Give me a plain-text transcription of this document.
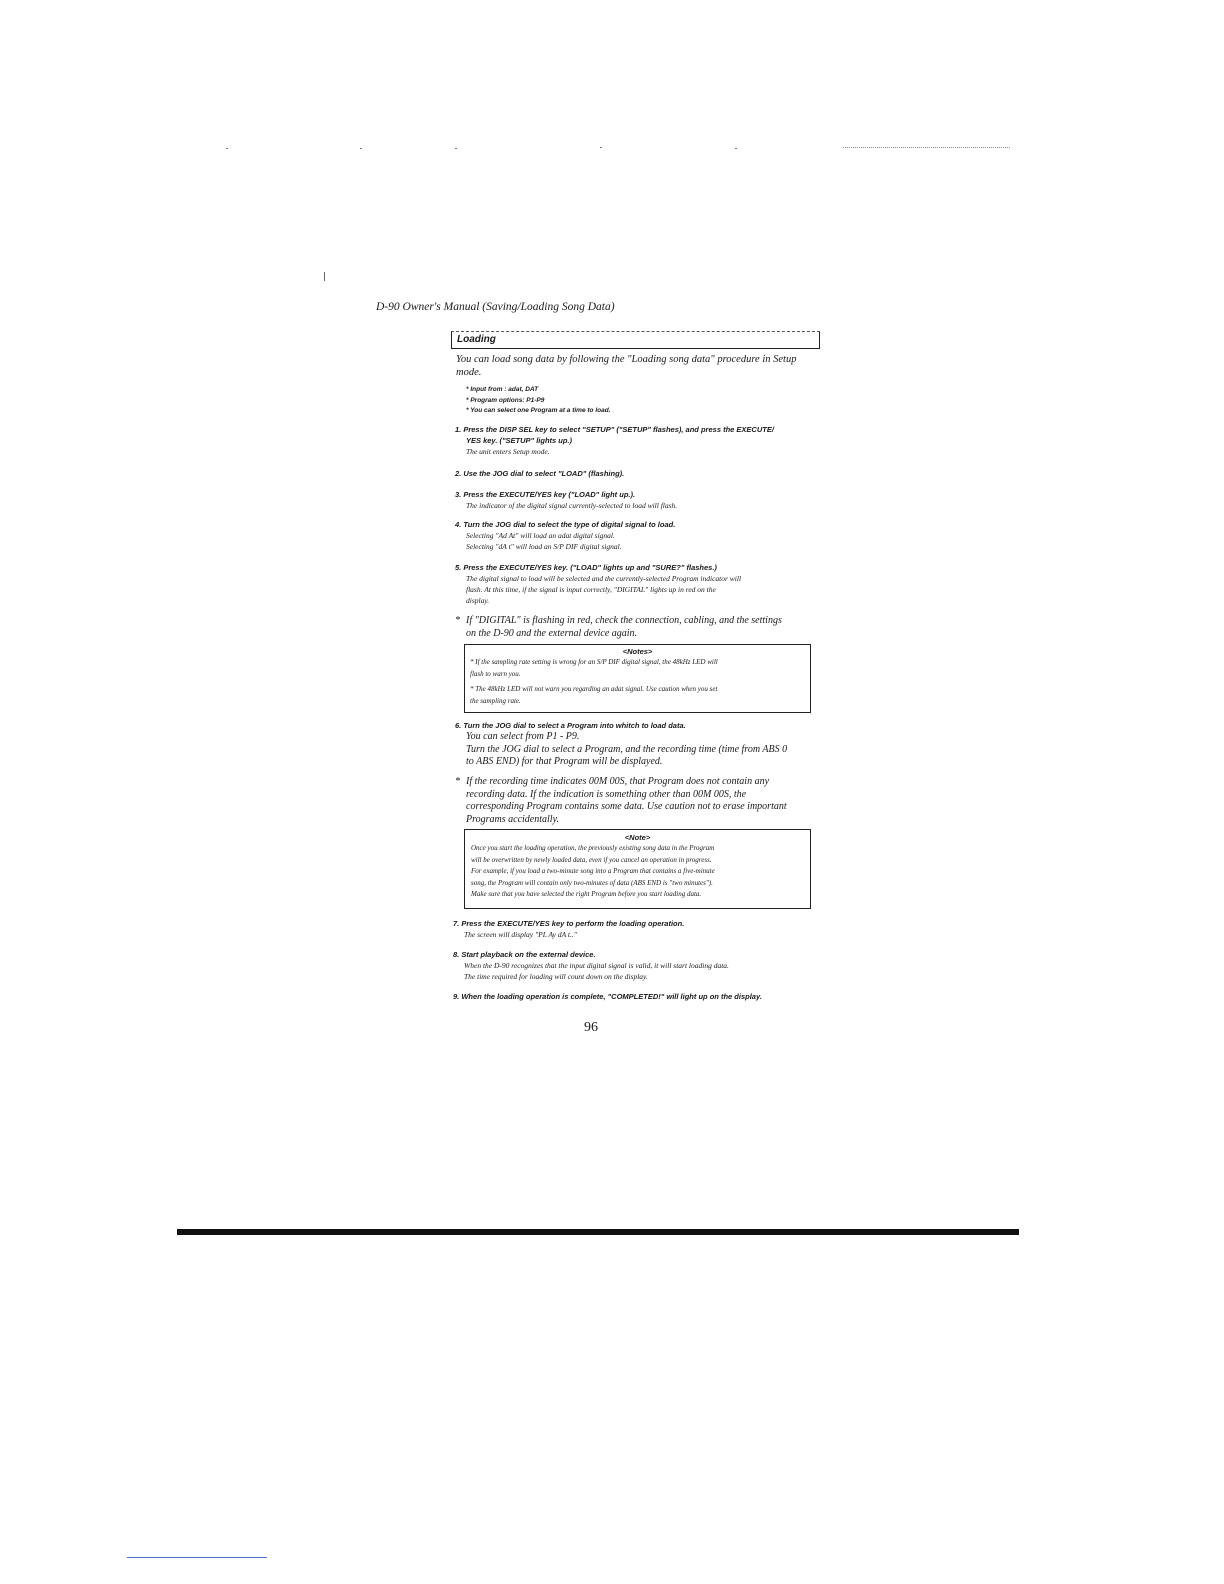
D-90 Owner's Manual (Saving/Loading Song Data)
Loading
You can load song data by following the "Loading song data" procedure in Setup mode.
* Input from : adat, DAT
* Program options: P1-P9
* You can select one Program at a time to load.
1. Press the DISP SEL key to select "SETUP" ("SETUP" flashes), and press the EXECUTE/
YES key. ("SETUP" lights up.)
The unit enters Setup mode.
2. Use the JOG dial to select "LOAD" (flashing).
3. Press the EXECUTE/YES key ("LOAD" light up.).
The indicator of the digital signal currently-selected to load will flash.
4. Turn the JOG dial to select the type of digital signal to load.
Selecting "Ad At" will load an adat digital signal.
Selecting "dA t" will load an S/P DIF digital signal.
5. Press the EXECUTE/YES key. ("LOAD" lights up and "SURE?" flashes.)
The digital signal to load will be selected and the currently-selected Program indicator will
flash. At this time, if the signal is input correctly, "DIGITAL" lights up in red on the
display.
* If "DIGITAL" is flashing in red, check the connection, cabling, and the settings
on the D-90 and the external device again.
<Notes>
* If the sampling rate setting is wrong for an S/P DIF digital signal, the 48kHz LED will
flash to warn you.
* The 48kHz LED will not warn you regarding an adat signal. Use caution when you set
the sampling rate.
6. Turn the JOG dial to select a Program into whitch to load data.
You can select from P1 - P9.
Turn the JOG dial to select a Program, and the recording time (time from ABS 0
to ABS END) for that Program will be displayed.
* If the recording time indicates 00M 00S, that Program does not contain any
recording data. If the indication is something other than 00M 00S, the
corresponding Program contains some data. Use caution not to erase important
Programs accidentally.
<Note>
Once you start the loading operation, the previously existing song data in the Program
will be overwritten by newly loaded data, even if you cancel an operation in progress.
For example, if you load a two-minute song into a Program that contains a five-minute
song, the Program will contain only two-minutes of data (ABS END is "two minutes").
Make sure that you have selected the right Program before you start loading data.
7. Press the EXECUTE/YES key to perform the loading operation.
The screen will display "PL Ay dA t.."
8. Start playback on the external device.
When the D-90 recognizes that the input digital signal is valid, it will start loading data.
The time required for loading will count down on the display.
9. When the loading operation is complete, "COMPLETED!" will light up on the display.
96
